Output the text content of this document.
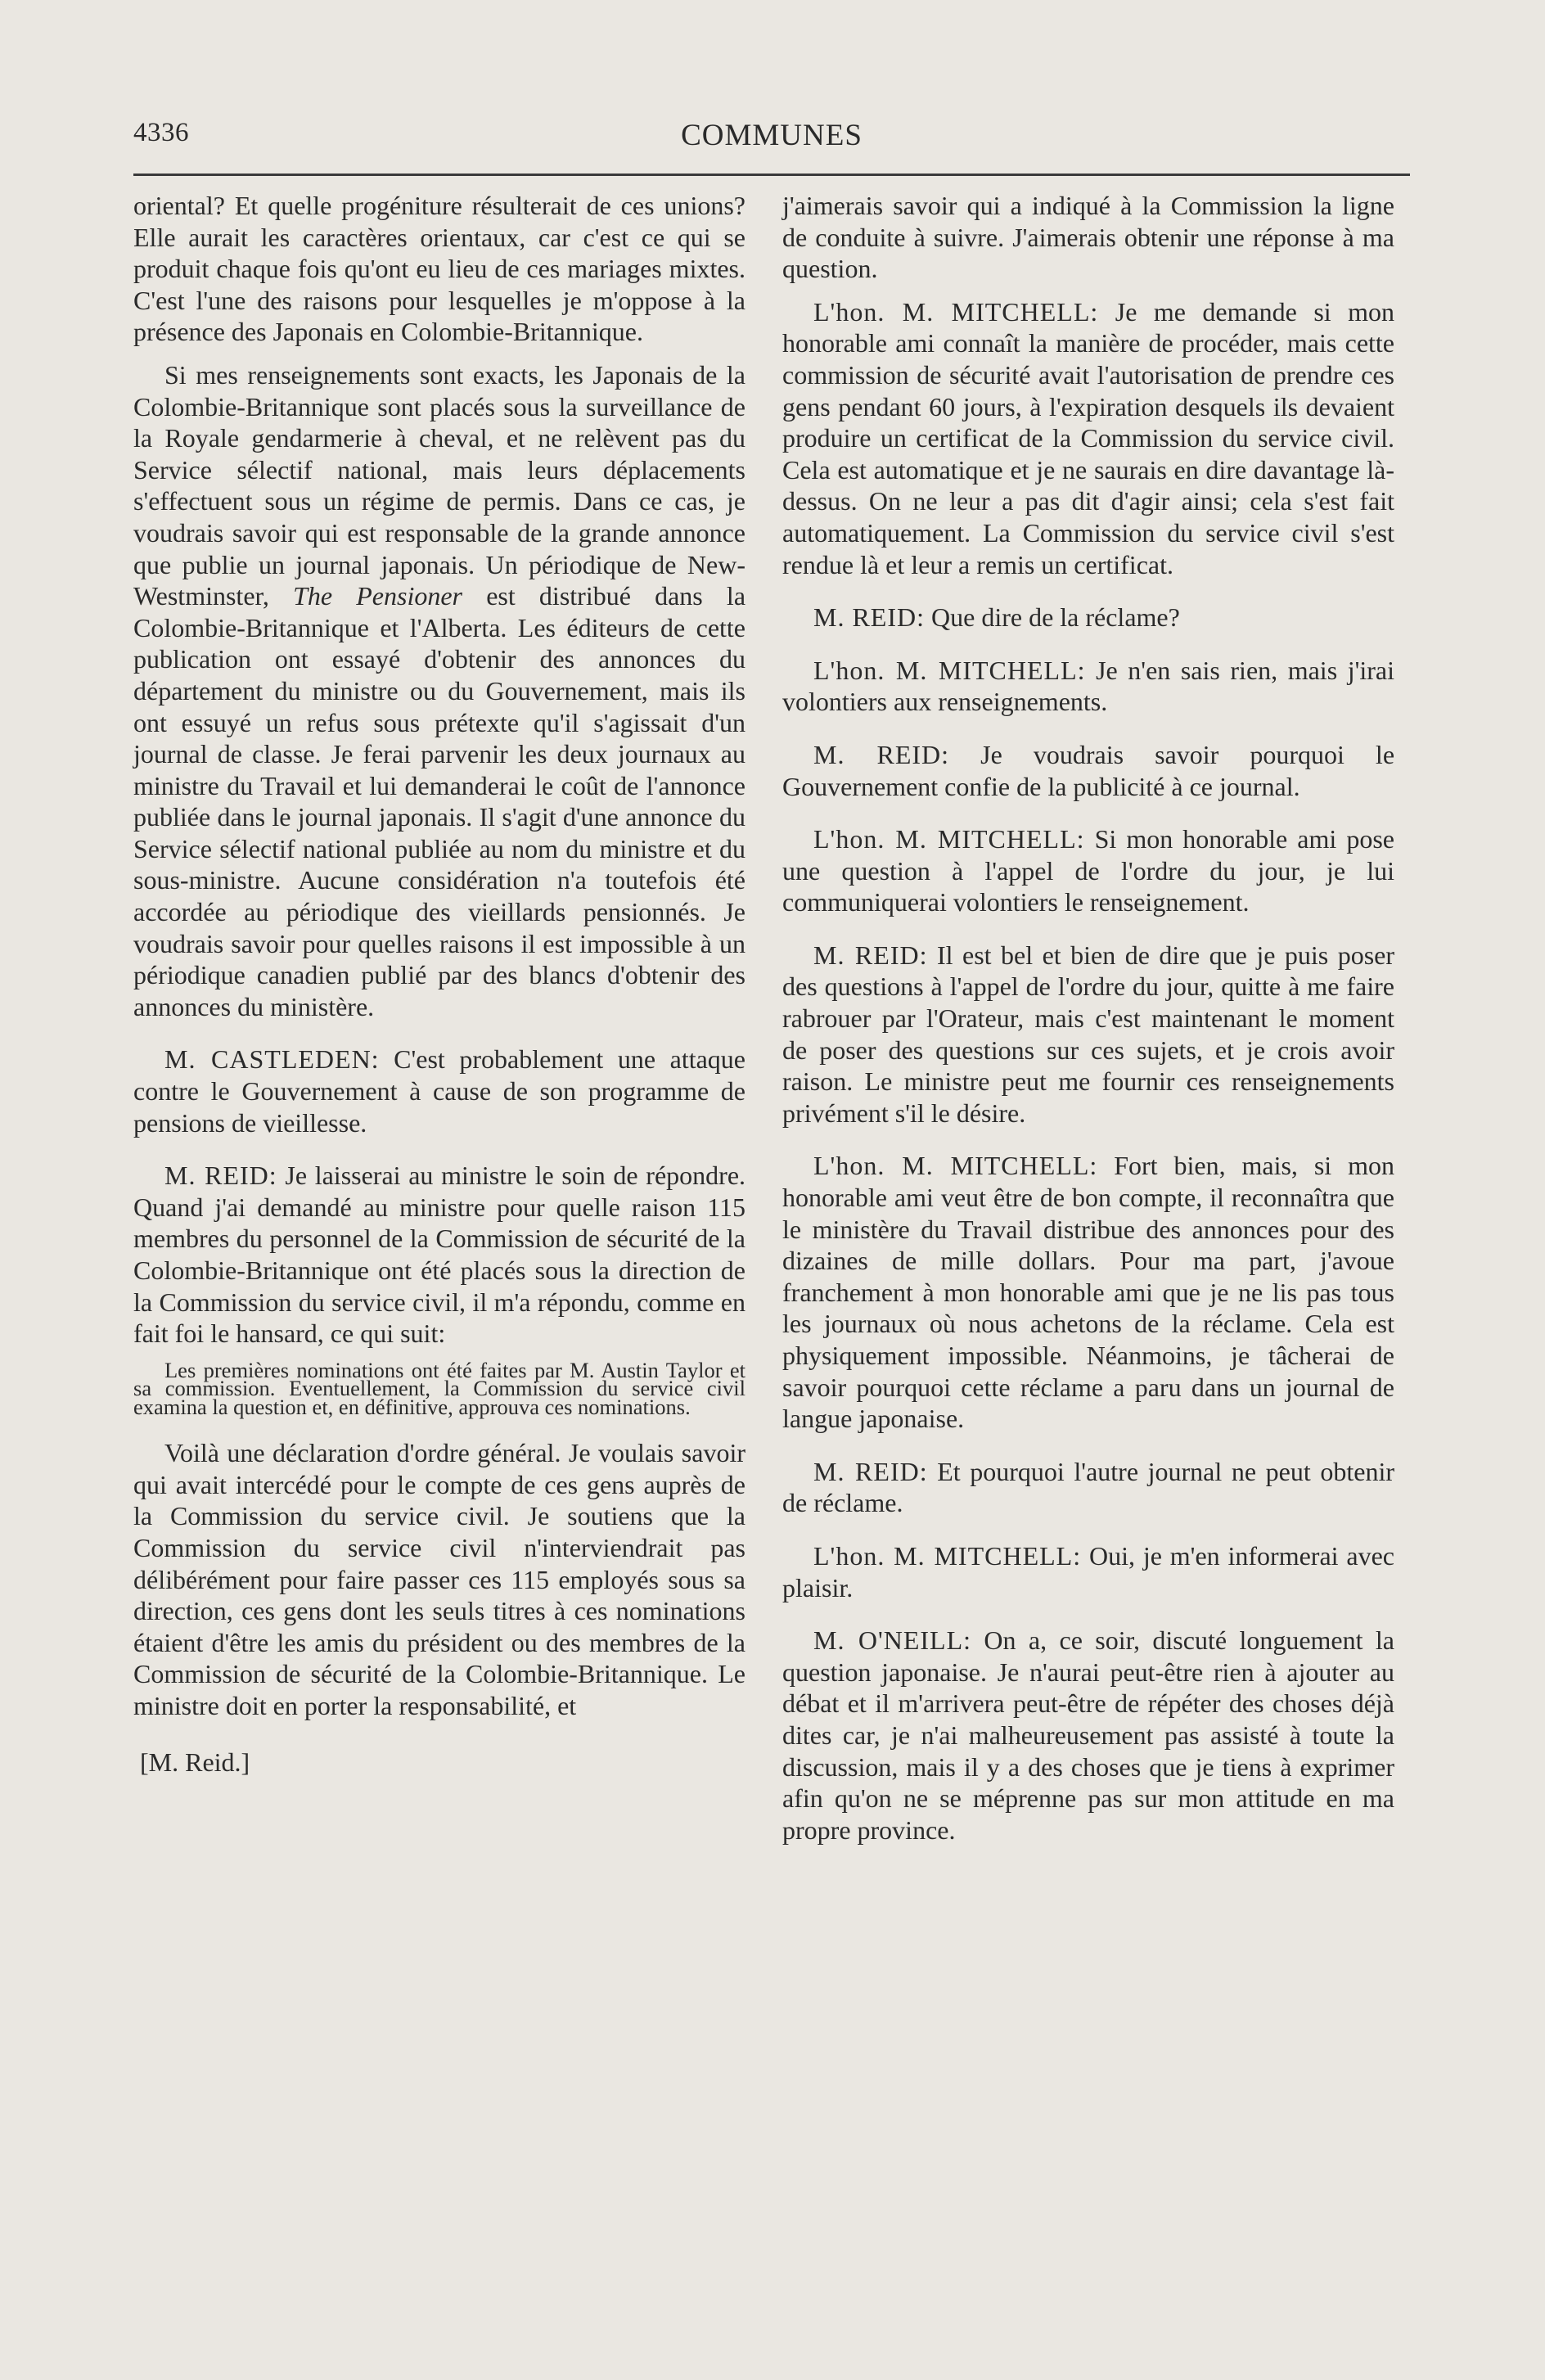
4336	COMMUNES

oriental? Et quelle progéniture résulterait de ces unions? Elle aurait les caractères orientaux, car c'est ce qui se produit chaque fois qu'ont eu lieu de ces mariages mixtes. C'est l'une des raisons pour lesquelles je m'oppose à la présence des Japonais en Colombie-Britannique.

Si mes renseignements sont exacts, les Japonais de la Colombie-Britannique sont placés sous la surveillance de la Royale gendarmerie à cheval, et ne relèvent pas du Service sélectif national, mais leurs déplacements s'effectuent sous un régime de permis. Dans ce cas, je voudrais savoir qui est responsable de la grande annonce que publie un journal japonais. Un périodique de New-Westminster, The Pensioner est distribué dans la Colombie-Britannique et l'Alberta. Les éditeurs de cette publication ont essayé d'obtenir des annonces du département du ministre ou du Gouvernement, mais ils ont essuyé un refus sous prétexte qu'il s'agissait d'un journal de classe. Je ferai parvenir les deux journaux au ministre du Travail et lui demanderai le coût de l'annonce publiée dans le journal japonais. Il s'agit d'une annonce du Service sélectif national publiée au nom du ministre et du sous-ministre. Aucune considération n'a toutefois été accordée au périodique des vieillards pensionnés. Je voudrais savoir pour quelles raisons il est impossible à un périodique canadien publié par des blancs d'obtenir des annonces du ministère.

M. CASTLEDEN: C'est probablement une attaque contre le Gouvernement à cause de son programme de pensions de vieillesse.

M. REID: Je laisserai au ministre le soin de répondre. Quand j'ai demandé au ministre pour quelle raison 115 membres du personnel de la Commission de sécurité de la Colombie-Britannique ont été placés sous la direction de la Commission du service civil, il m'a répondu, comme en fait foi le hansard, ce qui suit:

Les premières nominations ont été faites par M. Austin Taylor et sa commission. Eventuellement, la Commission du service civil examina la question et, en définitive, approuva ces nominations.

Voilà une déclaration d'ordre général. Je voulais savoir qui avait intercédé pour le compte de ces gens auprès de la Commission du service civil. Je soutiens que la Commission du service civil n'interviendrait pas délibérément pour faire passer ces 115 employés sous sa direction, ces gens dont les seuls titres à ces nominations étaient d'être les amis du président ou des membres de la Commission de sécurité de la Colombie-Britannique. Le ministre doit en porter la responsabilité, et

[M. Reid.]

j'aimerais savoir qui a indiqué à la Commission la ligne de conduite à suivre. J'aimerais obtenir une réponse à ma question.

L'hon. M. MITCHELL: Je me demande si mon honorable ami connaît la manière de procéder, mais cette commission de sécurité avait l'autorisation de prendre ces gens pendant 60 jours, à l'expiration desquels ils devaient produire un certificat de la Commission du service civil. Cela est automatique et je ne saurais en dire davantage là-dessus. On ne leur a pas dit d'agir ainsi; cela s'est fait automatiquement. La Commission du service civil s'est rendue là et leur a remis un certificat.

M. REID: Que dire de la réclame?

L'hon. M. MITCHELL: Je n'en sais rien, mais j'irai volontiers aux renseignements.

M. REID: Je voudrais savoir pourquoi le Gouvernement confie de la publicité à ce journal.

L'hon. M. MITCHELL: Si mon honorable ami pose une question à l'appel de l'ordre du jour, je lui communiquerai volontiers le renseignement.

M. REID: Il est bel et bien de dire que je puis poser des questions à l'appel de l'ordre du jour, quitte à me faire rabrouer par l'Orateur, mais c'est maintenant le moment de poser des questions sur ces sujets, et je crois avoir raison. Le ministre peut me fournir ces renseignements privément s'il le désire.

L'hon. M. MITCHELL: Fort bien, mais, si mon honorable ami veut être de bon compte, il reconnaîtra que le ministère du Travail distribue des annonces pour des dizaines de mille dollars. Pour ma part, j'avoue franchement à mon honorable ami que je ne lis pas tous les journaux où nous achetons de la réclame. Cela est physiquement impossible. Néanmoins, je tâcherai de savoir pourquoi cette réclame a paru dans un journal de langue japonaise.

M. REID: Et pourquoi l'autre journal ne peut obtenir de réclame.

L'hon. M. MITCHELL: Oui, je m'en informerai avec plaisir.

M. O'NEILL: On a, ce soir, discuté longuement la question japonaise. Je n'aurai peut-être rien à ajouter au débat et il m'arrivera peut-être de répéter des choses déjà dites car, je n'ai malheureusement pas assisté à toute la discussion, mais il y a des choses que je tiens à exprimer afin qu'on ne se méprenne pas sur mon attitude en ma propre province.
